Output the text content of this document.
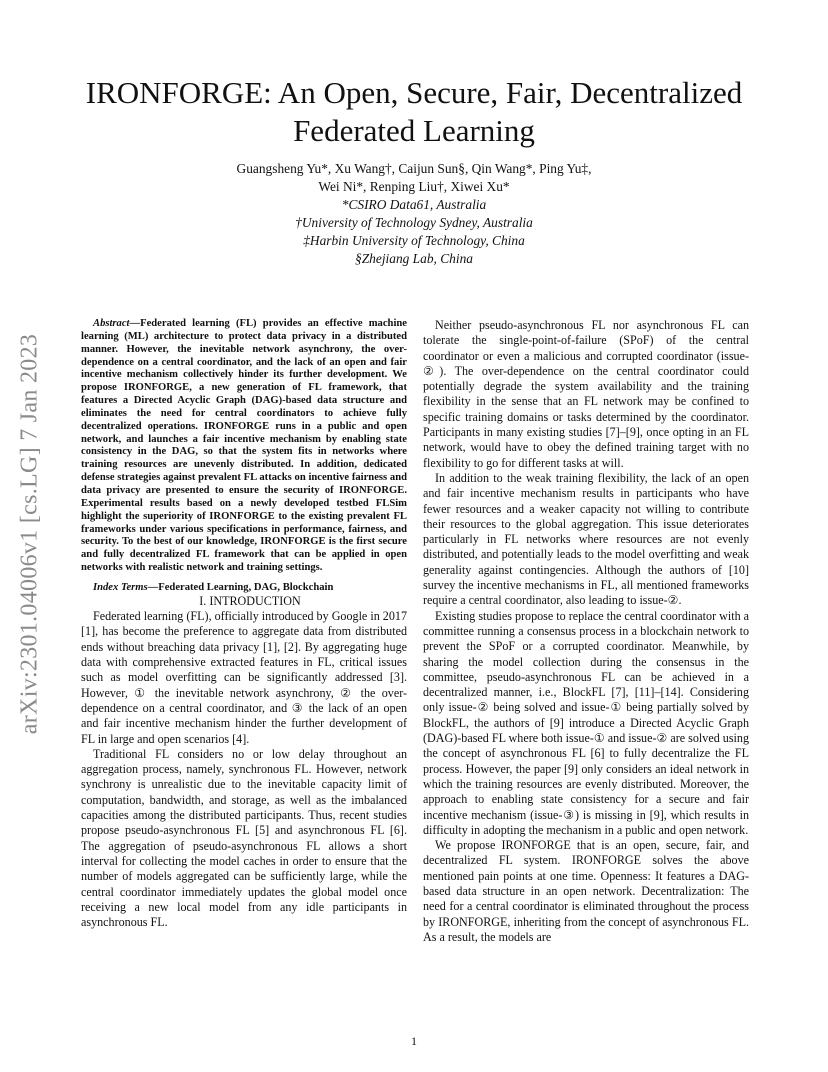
arXiv:2301.04006v1 [cs.LG] 7 Jan 2023
IRONFORGE: An Open, Secure, Fair, Decentralized
Federated Learning
Guangsheng Yu*, Xu Wang†, Caijun Sun§, Qin Wang*, Ping Yu‡,
Wei Ni*, Renping Liu†, Xiwei Xu*
*CSIRO Data61, Australia
†University of Technology Sydney, Australia
‡Harbin University of Technology, China
§Zhejiang Lab, China

Abstract—Federated learning (FL) provides an effective machine learning (ML) architecture to protect data privacy in a distributed manner. However, the inevitable network asynchrony, the over-dependence on a central coordinator, and the lack of an open and fair incentive mechanism collectively hinder its further development. We propose IRONFORGE, a new generation of FL framework, that features a Directed Acyclic Graph (DAG)-based data structure and eliminates the need for central coordinators to achieve fully decentralized operations. IRONFORGE runs in a public and open network, and launches a fair incentive mechanism by enabling state consistency in the DAG, so that the system fits in networks where training resources are unevenly distributed. In addition, dedicated defense strategies against prevalent FL attacks on incentive fairness and data privacy are presented to ensure the security of IRONFORGE. Experimental results based on a newly developed testbed FLSim highlight the superiority of IRONFORGE to the existing prevalent FL frameworks under various specifications in performance, fairness, and security. To the best of our knowledge, IRONFORGE is the first secure and fully decentralized FL framework that can be applied in open networks with realistic network and training settings.

Index Terms—Federated Learning, DAG, Blockchain

I. INTRODUCTION

Federated learning (FL), officially introduced by Google in 2017 [1], has become the preference to aggregate data from distributed ends without breaching data privacy [1], [2]. By aggregating huge data with comprehensive extracted features in FL, critical issues such as model overfitting can be significantly addressed [3]. However, ① the inevitable network asynchrony, ② the over-dependence on a central coordinator, and ③ the lack of an open and fair incentive mechanism hinder the further development of FL in large and open scenarios [4].

Traditional FL considers no or low delay throughout an aggregation process, namely, synchronous FL. However, network synchrony is unrealistic due to the inevitable capacity limit of computation, bandwidth, and storage, as well as the imbalanced capacities among the distributed participants. Thus, recent studies propose pseudo-asynchronous FL [5] and asynchronous FL [6]. The aggregation of pseudo-asynchronous FL allows a short interval for collecting the model caches in order to ensure that the number of models aggregated can be sufficiently large, while the central coordinator immediately updates the global model once receiving a new local model from any idle participants in asynchronous FL.

Neither pseudo-asynchronous FL nor asynchronous FL can tolerate the single-point-of-failure (SPoF) of the central coordinator or even a malicious and corrupted coordinator (issue-②). The over-dependence on the central coordinator could potentially degrade the system availability and the training flexibility in the sense that an FL network may be confined to specific training domains or tasks determined by the coordinator. Participants in many existing studies [7]–[9], once opting in an FL network, would have to obey the defined training target with no flexibility to go for different tasks at will.

In addition to the weak training flexibility, the lack of an open and fair incentive mechanism results in participants who have fewer resources and a weaker capacity not willing to contribute their resources to the global aggregation. This issue deteriorates particularly in FL networks where resources are not evenly distributed, and potentially leads to the model overfitting and weak generality against contingencies. Although the authors of [10] survey the incentive mechanisms in FL, all mentioned frameworks require a central coordinator, also leading to issue-②.

Existing studies propose to replace the central coordinator with a committee running a consensus process in a blockchain network to prevent the SPoF or a corrupted coordinator. Meanwhile, by sharing the model collection during the consensus in the committee, pseudo-asynchronous FL can be achieved in a decentralized manner, i.e., BlockFL [7], [11]–[14]. Considering only issue-② being solved and issue-① being partially solved by BlockFL, the authors of [9] introduce a Directed Acyclic Graph (DAG)-based FL where both issue-① and issue-② are solved using the concept of asynchronous FL [6] to fully decentralize the FL process. However, the paper [9] only considers an ideal network in which the training resources are evenly distributed. Moreover, the approach to enabling state consistency for a secure and fair incentive mechanism (issue-③) is missing in [9], which results in difficulty in adopting the mechanism in a public and open network.

We propose IRONFORGE that is an open, secure, fair, and decentralized FL system. IRONFORGE solves the above mentioned pain points at one time. Openness: It features a DAG-based data structure in an open network. Decentralization: The need for a central coordinator is eliminated throughout the process by IRONFORGE, inheriting from the concept of asynchronous FL. As a result, the models are

1
